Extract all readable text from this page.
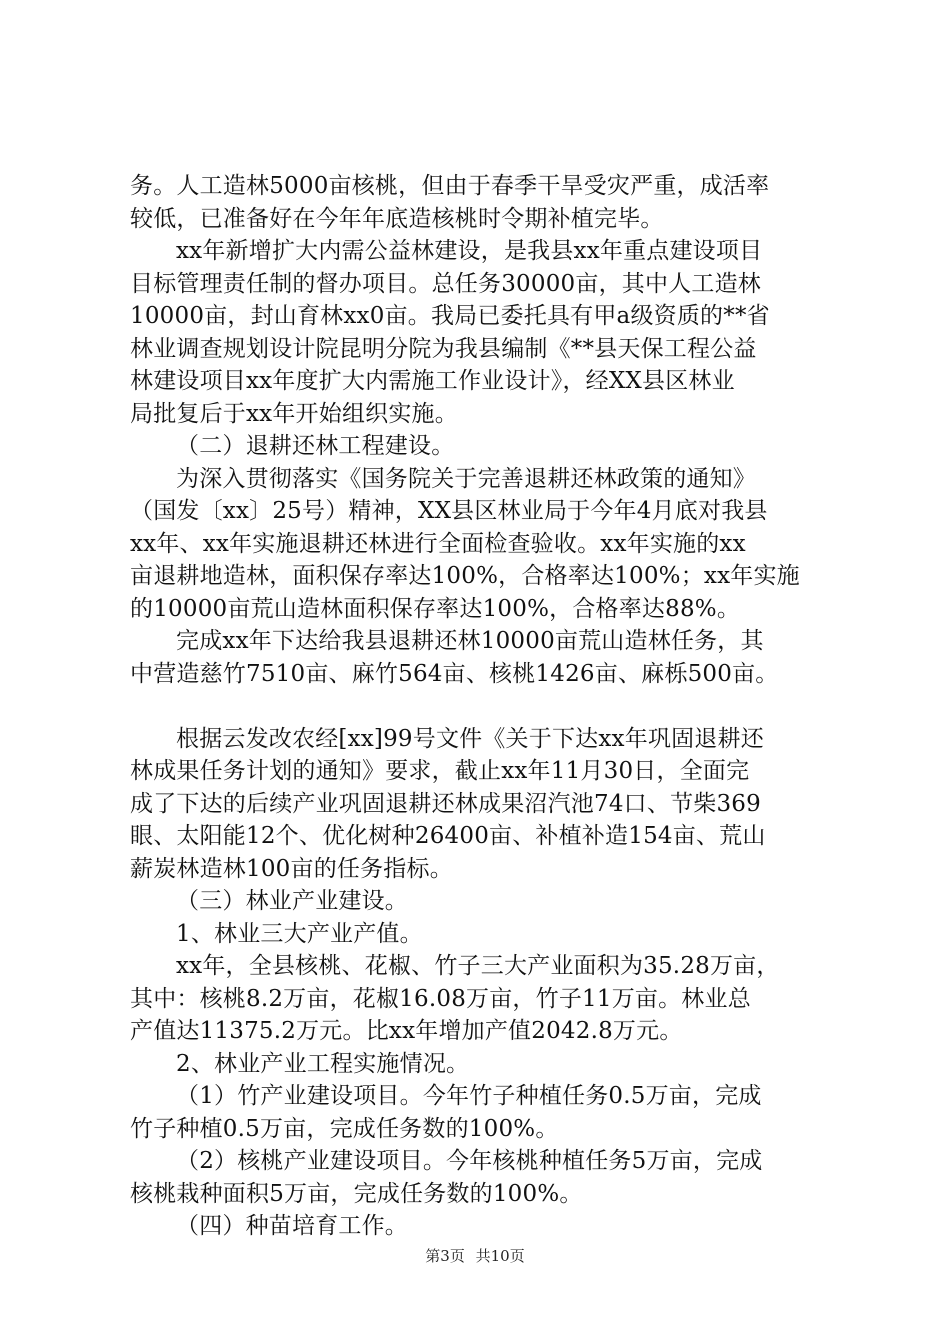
务。人工造林5000亩核桃，但由于春季干旱受灾严重，成活率
较低，已准备好在今年年底造核桃时令期补植完毕。
xx年新增扩大内需公益林建设，是我县xx年重点建设项目
目标管理责任制的督办项目。总任务30000亩，其中人工造林
10000亩，封山育林xx0亩。我局已委托具有甲a级资质的**省
林业调查规划设计院昆明分院为我县编制《**县天保工程公益
林建设项目xx年度扩大内需施工作业设计》，经XX县区林业
局批复后于xx年开始组织实施。
（二）退耕还林工程建设。
为深入贯彻落实《国务院关于完善退耕还林政策的通知》
（国发〔xx〕25号）精神，XX县区林业局于今年4月底对我县
xx年、xx年实施退耕还林进行全面检查验收。xx年实施的xx
亩退耕地造林，面积保存率达100%，合格率达100%；xx年实施
的10000亩荒山造林面积保存率达100%，合格率达88%。
完成xx年下达给我县退耕还林10000亩荒山造林任务，其
中营造慈竹7510亩、麻竹564亩、核桃1426亩、麻栎500亩。
根据云发改农经[xx]99号文件《关于下达xx年巩固退耕还
林成果任务计划的通知》要求，截止xx年11月30日，全面完
成了下达的后续产业巩固退耕还林成果沼汽池74口、节柴369
眼、太阳能12个、优化树种26400亩、补植补造154亩、荒山
薪炭林造林100亩的任务指标。
（三）林业产业建设。
1、林业三大产业产值。
xx年，全县核桃、花椒、竹子三大产业面积为35.28万亩，
其中：核桃8.2万亩，花椒16.08万亩，竹子11万亩。林业总
产值达11375.2万元。比xx年增加产值2042.8万元。
2、林业产业工程实施情况。
（1）竹产业建设项目。今年竹子种植任务0.5万亩，完成
竹子种植0.5万亩，完成任务数的100%。
（2）核桃产业建设项目。今年核桃种植任务5万亩，完成
核桃栽种面积5万亩，完成任务数的100%。
（四）种苗培育工作。
第3页 共10页
